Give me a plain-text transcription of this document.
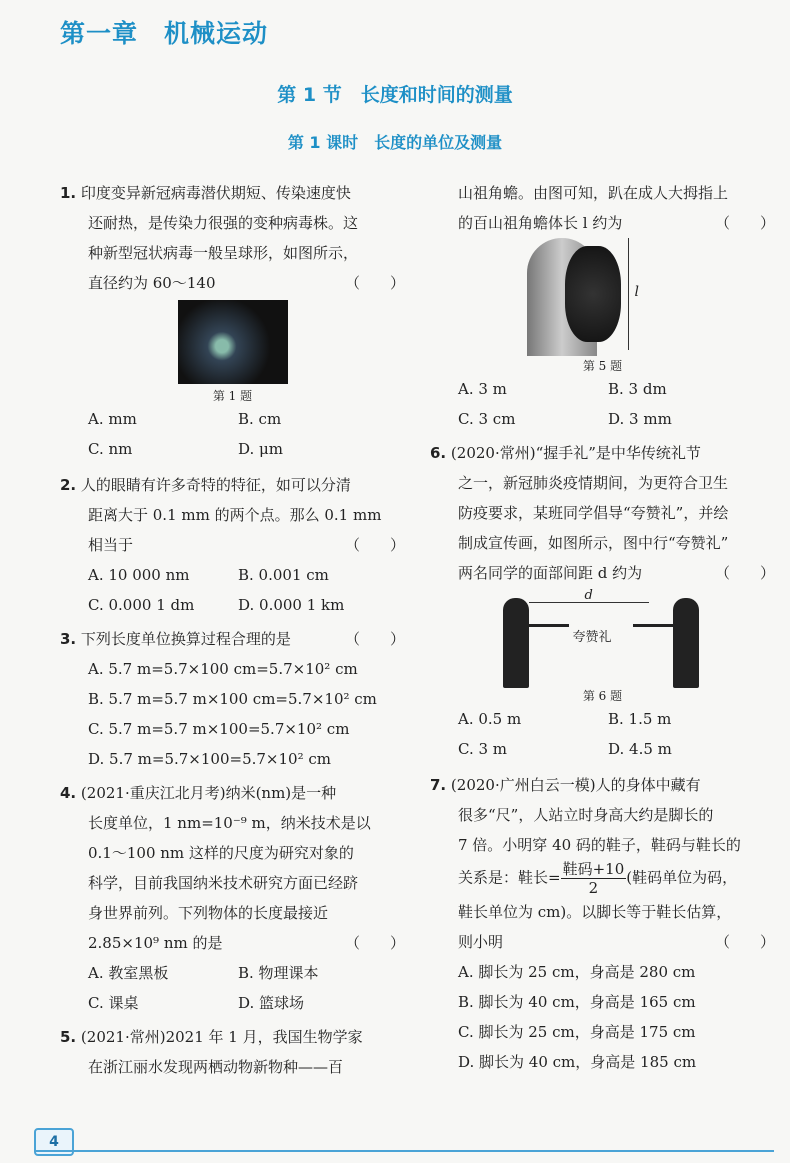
第一章　机械运动
第 1 节　长度和时间的测量
第 1 课时　长度的单位及测量
1. 印度变异新冠病毒潜伏期短、传染速度快
还耐热，是传染力很强的变种病毒株。这
种新型冠状病毒一般呈球形，如图所示，
直径约为 60～140	（　　）
第 1 题
A. mm	B. cm
C. nm	D. μm
2. 人的眼睛有许多奇特的特征，如可以分清
距离大于 0.1 mm 的两个点。那么 0.1 mm
相当于	（　　）
A. 10 000 nm	B. 0.001 cm
C. 0.000 1 dm	D. 0.000 1 km
3. 下列长度单位换算过程合理的是	（　　）
A. 5.7 m=5.7×100 cm=5.7×10² cm
B. 5.7 m=5.7 m×100 cm=5.7×10² cm
C. 5.7 m=5.7 m×100=5.7×10² cm
D. 5.7 m=5.7×100=5.7×10² cm
4. (2021·重庆江北月考)纳米(nm)是一种
长度单位，1 nm=10⁻⁹ m，纳米技术是以
0.1～100 nm 这样的尺度为研究对象的
科学，目前我国纳米技术研究方面已经跻
身世界前列。下列物体的长度最接近
2.85×10⁹ nm 的是	（　　）
A. 教室黑板	B. 物理课本
C. 课桌	D. 篮球场
5. (2021·常州)2021 年 1 月，我国生物学家
在浙江丽水发现两栖动物新物种——百
山祖角蟾。由图可知，趴在成人大拇指上
的百山祖角蟾体长 l 约为	（　　）
l
第 5 题
A. 3 m	B. 3 dm
C. 3 cm	D. 3 mm
6. (2020·常州)“握手礼”是中华传统礼节
之一，新冠肺炎疫情期间，为更符合卫生
防疫要求，某班同学倡导“夸赞礼”，并绘
制成宣传画，如图所示，图中行“夸赞礼”
两名同学的面部间距 d 约为	（　　）
d
夸赞礼
第 6 题
A. 0.5 m	B. 1.5 m
C. 3 m	D. 4.5 m
7. (2020·广州白云一模)人的身体中藏有
很多“尺”，人站立时身高大约是脚长的
7 倍。小明穿 40 码的鞋子，鞋码与鞋长的
关系是：鞋长= $\frac{\text{鞋码+10}}{2}$ (鞋码单位为码，
鞋长单位为 cm)。以脚长等于鞋长估算，
则小明	（　　）
A. 脚长为 25 cm，身高是 280 cm
B. 脚长为 40 cm，身高是 165 cm
C. 脚长为 25 cm，身高是 175 cm
D. 脚长为 40 cm，身高是 185 cm
4
